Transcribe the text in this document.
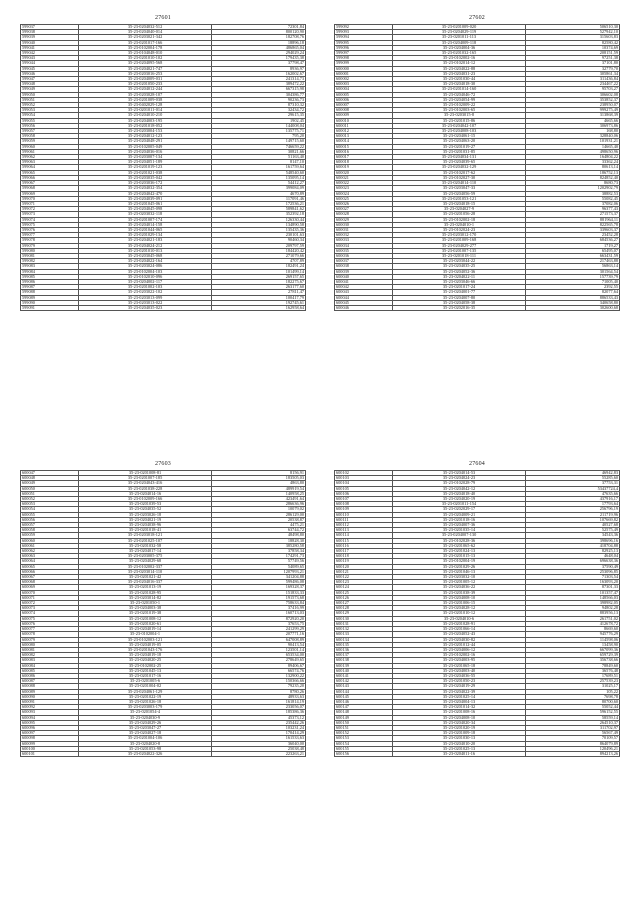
27601
599037	35-23-0204032-512	72301,84
599038	35-23-0204040-014	800120,90
599039	35-23-0203021-342	182708,76
599040	35-23-0201017-166	18896,18
599041	35-23-0102004-178	486865,04
599042	35-23-0104048-010	294029,24
599043	35-23-0201010-102	179435,38
599044	35-23-0204095-568	37798,47
599045	35-23-0204021-747	8936,97
599046	35-23-0203016-253	162002,67
599047	35-23-0204009-031	241314,73
599048	35-23-0201050-233	389472,22
599049	35-23-0204012-244	667315,98
599050	35-23-0203028-107	304386,77
599051	35-23-0201009-038	90236,73
599052	35-23-0402029-128	87310,32
599053	35-23-0201011-014	32434,72
599054	35-23-0204010-210	29615,35
599055	35-23-0204003-195	1902,45
599056	35-23-0201018-052	144008,04
599057	35-23-0203004-153	135775,71
599058	35-23-0204012-123	795,20
599059	35-23-0204048-291	149715,60
599060	35-23-0102005-049	746659,22
599061	35-23-0204036-016	30821,66
599062	35-23-0203007-134	51163,40
599063	35-23-0204051-189	8147,10
599064	35-23-0201019-123	161759,64
599065	35-23-0201021-038	548540,60
599066	35-23-0203035-042	135095,14
599067	35-23-0203036-172	54412,27
599068	35-23-0204032-354	399084,09
599069	35-23-0204042-470	4670,89
599070	35-23-0204039-091	117091,46
599071	35-23-0201045-061	172536,21
599072	35-23-0204045-098	589841,62
599073	35-23-0203032-118	352392,18
599074	35-23-0201007-174	126330,44
599075	35-23-0204014-158	134890,58
599076	35-23-0201044-065	135435,36
599077	35-23-0201029-134	230101,63
599078	35-23-0204021-183	90460,34
599079	35-23-0204024-212	209797,59
599080	35-23-0201010-013	184420,42
599081	35-23-0203045-068	271079,66
599082	35-23-0204022-164	4707,89
599083	35-23-0203024-086	182491,24
599084	35-23-0102004-103	101499,14
599085	35-23-0102010-096	269157,65
599086	35-23-0204002-117	182275,67
599087	35-23-0201002-103	263177,60
599088	35-23-0203022-102	27811,47
599089	35-23-0203013-099	100417,79
599090	35-23-0203013-022	192745,61
599091	35-23-0204035-023	162958,64
27602
599092	35-23-0201009-020	506510,30
599093	35-23-0204029-119	527942,10
599094	35-23-0201011-113	315603,83
599095	35-23-0204009-118	82580,42
599096	35-23-0204004-36	10374,69
599097	35-23-0201032-165	208151,59
599098	35-23-0102002-16	97251,38
599099	35-23-0102014-12	37101,80
600000	35-23-0204022-88	32779,70
600001	35-23-0204031-23	305861,34
600002	35-23-0201030-44	311436,84
600003	35-23-0204018-30	234467,22
600004	35-23-0201014-160	95703,27
600005	35-23-0204046-72	306602,08
600006	35-23-0204054-99	353852,37
600007	35-23-0102009-22	238950,07
600008	35-23-0102003-65	999275,49
600009	35-23-0203015-8	313868,39
600010	35-23-0201015-86	4665,66
600011	35-23-0204042-107	306973,86
600012	35-23-0204008-103	168,80
600013	35-23-0204061-15	328840,06
600014	35-23-0204063-20	101931,21
600015	35-23-0201019-27	14665,40
600016	35-23-0201031-85	498650,96
600017	35-23-0204034-131	164804,22
600018	35-23-0204039-65	33362,24
600019	35-23-0204032-129	80613,14
600020	35-23-0102017-62	186752,13
600021	35-23-0102027-30	824852,40
600022	35-23-0204014-110	8680,73
600023	35-23-0203047-33	1202902,79
600024	35-23-0204056-59	38882,53
600025	35-23-0201053-121	55082,45
600026	35-23-0204018-15	37082,06
600027	35-23-0204027-9	96377,43
600028	35-23-0201056-28	271573,37
600029	35-23-0102002-18	881964,11
600030	35-23-0204010-1	822565,78
600031	35-23-0102024-23	339603,37
600032	35-23-0203012-170	23452,28
600033	35-23-0201009-168	684536,27
600034	35-23-0204029-277	1719,27
600035	35-23-0201007-135	65495,07
600036	35-23-0201018-111	663431,59
600037	35-23-0203044-22	217463,88
600038	35-23-0204035-25	56863,14
600039	35-23-0204052-36	301564,54
600040	35-23-0204022-11	157739,79
600041	35-23-0203046-66	71005,40
600042	35-23-0201017-24	2392,55
600043	35-23-0204001-77	82077,64
600044	35-23-0204007-80	886533,43
600045	35-23-0204058-38	340658,80
600046	35-23-0202016-35	302600,68
27603
600047	35-23-0201008-81	8156,91
600048	35-23-0201007-185	183505,03
600049	35-23-0204043-416	4863,80
600050	35-23-0201038-228	489919,54
600051	35-23-0204014-16	140958,25
600052	35-23-0102009-166	423491,64
600053	35-23-0201039-53	286636,96
600054	35-23-0204035-52	10079,02
600055	35-23-0203026-18	286129,00
600056	35-23-0204021-19	20538,87
600057	35-23-0204038-96	4475,21
600058	35-23-0201018-41	63744,72
600059	35-23-0203018-121	48498,80
600060	35-23-0201025-107	18828,30
600061	35-23-0201032-58	385280,58
600062	35-23-0204017-14	37858,34
600063	35-23-0203005-375	174291,73
600064	35-23-0204029-68	57749,56
600065	35-23-0102002-337	54089,65
600066	35-23-0203014-110	1207993,21
600067	35-23-0201021-42	341204,88
600068	35-23-0204016-337	599486,08
600069	35-23-0201013-19	169328,37
600070	35-23-0201028-95	151833,33
600071	35-23-0203014-82	191573,68
600072	35-23-0201050-1	758633,84
600073	35-23-0204003-38	37416,99
600074	35-23-0201019-38	160713,03
600075	35-23-0201008-12	872920,20
600076	35-23-0201020-61	37653,75
600077	35-23-0204019-14	241299,29
600078	35-23-0102004-1	207771,16
600079	35-23-0102003-121	647008,89
600080	35-23-0204019-05	90413,54
600081	35-23-0201043-176	123501,14
600082	35-23-0204019-18	653534,00
600083	35-23-0204020-25	278649,65
600084	35-23-0102002-25	89406,67
600085	35-23-0201045-13	66574,76
600086	35-23-0201017-16	132900,22
600087	35-23-0201005-6	150366,66
600088	35-23-0201004-02	79235,20
600089	35-23-0204061-129	8780,26
600090	35-23-0201022-19	48933,63
600091	35-23-0201026-18	161814,19
600092	35-23-0203003-179	233056,07
600093	35-23-0201054-4	185386,36
600094	35-23-0204030-9	45373,12
600095	35-23-0204029-26	235442,26
600096	35-23-0203047-27	103231,24
600097	35-23-0204027-18	170414,29
600098	35-23-0201004-106	161533,63
600099	35-23-0204020-8	36040,00
600100	35-23-0201053-98	25038,48
600101	35-23-0204022-326	223263,21
27604
600102	35-23-0204014-53	46942,83
600103	35-23-0204024-23	55285,60
600104	35-23-0102028-79	37753,31
600105	35-23-0204042-12	53437724,4
600106	35-23-0204018-40	47635,66
600107	35-23-0204020-19	437916,17
600108	35-23-0201011-154	17793,64
600109	35-23-0202029-17	256796,19
600110	35-23-0204009-21	211719,96
600111	35-23-0201018-16	107669,82
600112	35-23-0204007-36	40527,68
600113	35-23-0201035-14	52575,49
600114	35-23-0204007-130	34543,36
600115	35-23-0102028-36	398696,16
600116	35-23-0201065-62	418704,88
600117	35-23-0201024-13	82925,13
600118	35-23-0201015-13	4648,04
600119	35-23-0102004-19	696638,36
600120	35-23-0201029-26	37590,49
600121	35-23-0201046-13	253096,85
600122	35-23-0203032-10	71303,54
600123	35-23-0201005-12	163093,20
600124	35-23-0204036-22	87301,33
600125	35-23-0201038-39	101357,47
600126	35-23-0204008-10	148566,03
600127	35-23-0201006-15	398982,05
600128	35-23-0204028-12	94802,28
600129	35-23-0201010-12	883956,13
600130	35-23-0204010-6	261751,02
600131	35-23-0201028-91	412678,72
600132	35-23-0201066-14	8669,60
600133	35-23-0204052-43	945776,29
600134	35-23-0204030-82	114598,06
600135	35-23-0201012-44	13458,90
600136	35-23-0204006-12	667099,36
600137	35-23-0102002-16	659729,39
600138	35-23-0204003-95	356738,66
600139	35-23-0201065-18	78849,60
600140	35-23-0204003-40	36576,48
600141	35-23-0204036-55	17689,51
600142	35-23-0201050-23	257539,23
600143	35-23-0204019-29	31025,17
600144	35-23-0204022-39	105,22
600145	35-23-0201025-14	7698,78
600146	35-23-0204004-13	80700,60
600147	35-23-0201014-32	55052,44
600148	35-23-0201008-16	596152,55
600149	35-23-0204008-10	58559,14
600150	35-23-0204020-34	264510,37
600151	35-23-0201020-19	311702,97
600152	35-23-0201009-18	56567,49
600153	35-23-0201030-13	70109,57
600154	35-23-0204010-20	864079,89
600155	35-23-0201025-13	120496,21
600156	35-23-0204011-16	894213,26
